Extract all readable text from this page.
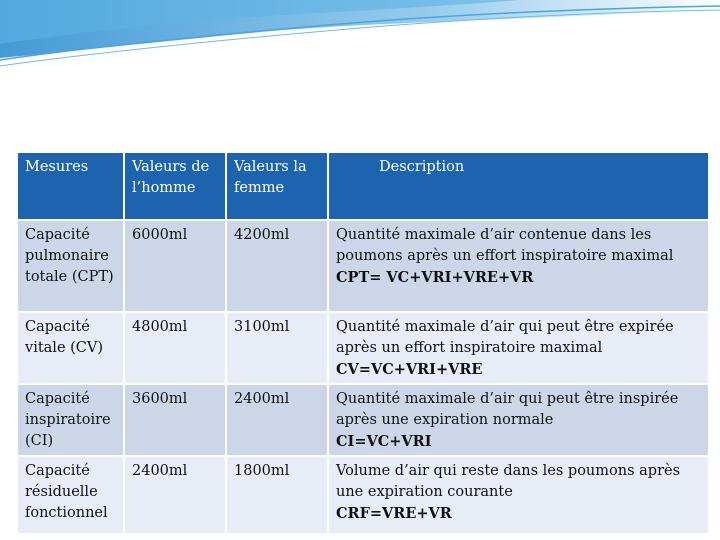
Mesures	Valeurs de l’homme	Valeurs la femme	Description
Capacité pulmonaire totale (CPT)	6000ml	4200ml	Quantité maximale d’air contenue dans les poumons après un effort inspiratoire maximal
CPT= VC+VRI+VRE+VR

Capacité vitale (CV)	4800ml	3100ml	Quantité maximale d’air qui peut être expirée après un effort inspiratoire maximal
CV=VC+VRI+VRE

Capacité inspiratoire (CI)	3600ml	2400ml	Quantité maximale d’air qui peut être inspirée après une expiration normale
CI=VC+VRI

Capacité résiduelle fonctionnel	2400ml	1800ml	Volume d’air qui reste dans les poumons après une expiration courante
CRF=VRE+VR
